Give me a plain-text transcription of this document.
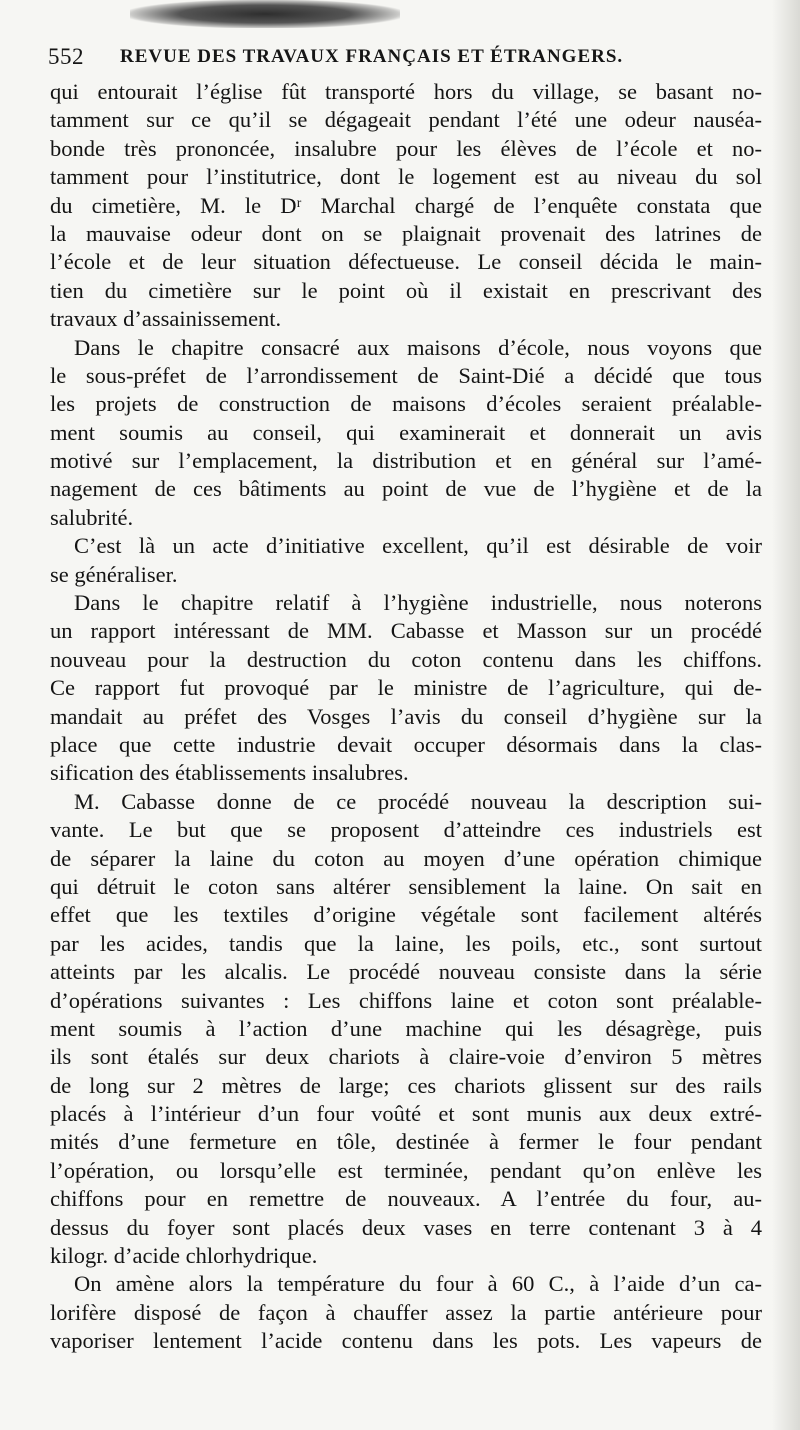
552 REVUE DES TRAVAUX FRANÇAIS ET ÉTRANGERS.
qui entourait l’église fût transporté hors du village, se basant no-
tamment sur ce qu’il se dégageait pendant l’été une odeur nauséa-
bonde très prononcée, insalubre pour les élèves de l’école et no-
tamment pour l’institutrice, dont le logement est au niveau du sol
du cimetière, M. le Dʳ Marchal chargé de l’enquête constata que
la mauvaise odeur dont on se plaignait provenait des latrines de
l’école et de leur situation défectueuse. Le conseil décida le main-
tien du cimetière sur le point où il existait en prescrivant des
travaux d’assainissement.
Dans le chapitre consacré aux maisons d’école, nous voyons que
le sous-préfet de l’arrondissement de Saint-Dié a décidé que tous
les projets de construction de maisons d’écoles seraient préalable-
ment soumis au conseil, qui examinerait et donnerait un avis
motivé sur l’emplacement, la distribution et en général sur l’amé-
nagement de ces bâtiments au point de vue de l’hygiène et de la
salubrité.
C’est là un acte d’initiative excellent, qu’il est désirable de voir
se généraliser.
Dans le chapitre relatif à l’hygiène industrielle, nous noterons
un rapport intéressant de MM. Cabasse et Masson sur un procédé
nouveau pour la destruction du coton contenu dans les chiffons.
Ce rapport fut provoqué par le ministre de l’agriculture, qui de-
mandait au préfet des Vosges l’avis du conseil d’hygiène sur la
place que cette industrie devait occuper désormais dans la clas-
sification des établissements insalubres.
M. Cabasse donne de ce procédé nouveau la description sui-
vante. Le but que se proposent d’atteindre ces industriels est
de séparer la laine du coton au moyen d’une opération chimique
qui détruit le coton sans altérer sensiblement la laine. On sait en
effet que les textiles d’origine végétale sont facilement altérés
par les acides, tandis que la laine, les poils, etc., sont surtout
atteints par les alcalis. Le procédé nouveau consiste dans la série
d’opérations suivantes : Les chiffons laine et coton sont préalable-
ment soumis à l’action d’une machine qui les désagrège, puis
ils sont étalés sur deux chariots à claire-voie d’environ 5 mètres
de long sur 2 mètres de large; ces chariots glissent sur des rails
placés à l’intérieur d’un four voûté et sont munis aux deux extré-
mités d’une fermeture en tôle, destinée à fermer le four pendant
l’opération, ou lorsqu’elle est terminée, pendant qu’on enlève les
chiffons pour en remettre de nouveaux. A l’entrée du four, au-
dessus du foyer sont placés deux vases en terre contenant 3 à 4
kilogr. d’acide chlorhydrique.
On amène alors la température du four à 60 C., à l’aide d’un ca-
lorifère disposé de façon à chauffer assez la partie antérieure pour
vaporiser lentement l’acide contenu dans les pots. Les vapeurs de
